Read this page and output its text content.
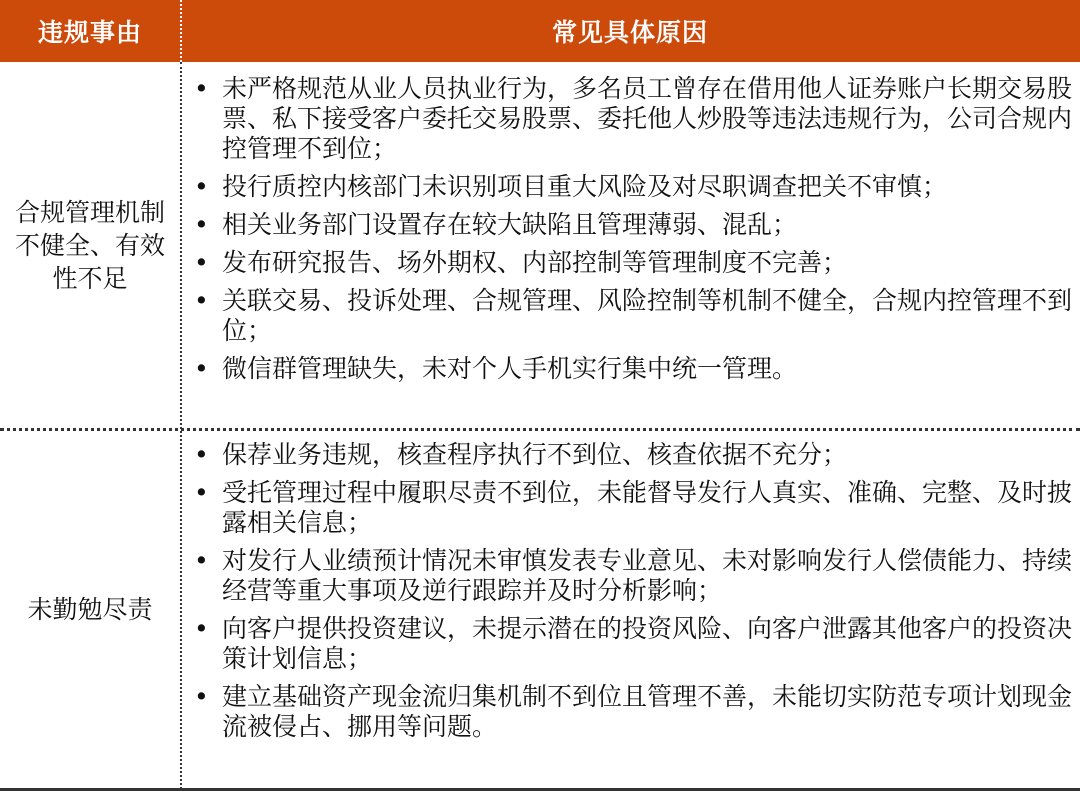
违规事由	常见具体原因
合规管理机制不健全、有效性不足
• 未严格规范从业人员执业行为，多名员工曾存在借用他人证券账户长期交易股票、私下接受客户委托交易股票、委托他人炒股等违法违规行为，公司合规内控管理不到位；
• 投行质控内核部门未识别项目重大风险及对尽职调查把关不审慎；
• 相关业务部门设置存在较大缺陷且管理薄弱、混乱；
• 发布研究报告、场外期权、内部控制等管理制度不完善；
• 关联交易、投诉处理、合规管理、风险控制等机制不健全，合规内控管理不到位；
• 微信群管理缺失，未对个人手机实行集中统一管理。
未勤勉尽责
• 保荐业务违规，核查程序执行不到位、核查依据不充分；
• 受托管理过程中履职尽责不到位，未能督导发行人真实、准确、完整、及时披露相关信息；
• 对发行人业绩预计情况未审慎发表专业意见、未对影响发行人偿债能力、持续经营等重大事项及逆行跟踪并及时分析影响；
• 向客户提供投资建议，未提示潜在的投资风险、向客户泄露其他客户的投资决策计划信息；
• 建立基础资产现金流归集机制不到位且管理不善，未能切实防范专项计划现金流被侵占、挪用等问题。
